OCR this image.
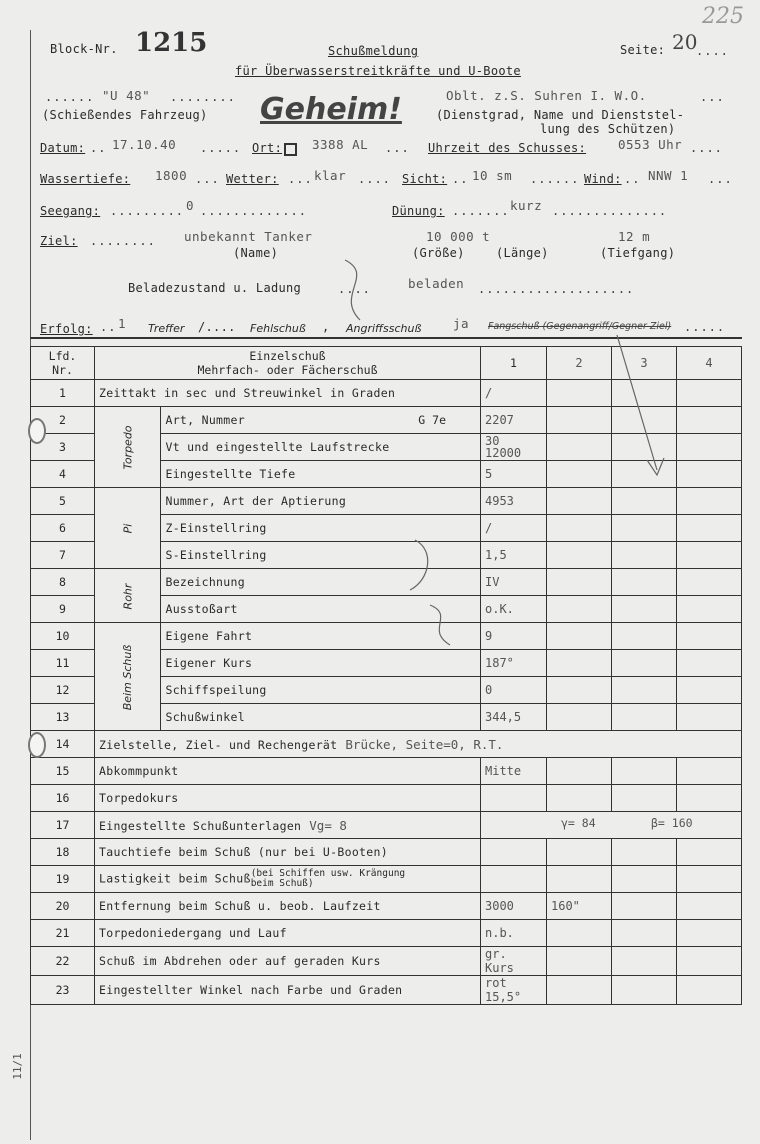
Block-Nr. 1215	Schußmeldung
für Überwasserstreitkräfte und U-Boote
Seite: 20
....
225
...... "U 48" ........
(Schießendes Fahrzeug) Geheim!	Oblt. z.S. Suhren I. W.O.	...
(Dienstgrad, Name und Dienststel-
lung des Schützen)
Datum: .. 17.10.40 ..... Ort: 3388 AL ... Uhrzeit des Schusses:	0553 Uhr ....
Wassertiefe: 1800 ... Wetter: ... klar .... Sicht: .. 10 sm ...... Wind: .. NNW 1 ...
Seegang: ......... 0 .............	Dünung: ....... kurz ..............
Ziel: ........ unbekannt Tanker	10 000 t	12 m
(Name)	(Größe)	(Länge)	(Tiefgang)
Beladezustand u. Ladung	....	beladen ...................
Erfolg: .. 1 Treffer /.... Fehlschuß , Angriffsschuß	ja Fangschuß (Gegenangriff/Gegner Ziel) .....
Lfd. Nr.	Einzelschuß
Mehrfach- oder Fächerschuß		1	2	3	4
1	Zeittakt in sec und Streuwinkel in Graden		/			
2	Torpedo	Art, Nummer G 7e	2207			
3		Vt und eingestellte Laufstrecke	30
12000			
4		Eingestellte Tiefe	5			
5	Pi	Nummer, Art der Aptierung	4953			
6		Z-Einstellring	/			
7		S-Einstellring	1,5			
8	Rohr	Bezeichnung	IV			
9		Ausstoßart	o.K.			
10	Beim Schuß	Eigene Fahrt	9			
11		Eigener Kurs	187°			
12		Schiffspeilung	0			
13		Schußwinkel	344,5			
14	Zielstelle, Ziel- und Rechengerät Brücke, Seite=0, R.T.					
15	Abkommpunkt		Mitte			
16	Torpedokurs					
17	Eingestellte Schußunterlagen Vg= 8		γ= 84 β= 160			

18	Tauchtiefe beim Schuß (nur bei U-Booten)					
19	Lastigkeit beim Schuß(bei Schiffen usw. Krängung beim Schuß)					
20	Entfernung beim Schuß u. beob. Laufzeit		3000	160"		
21	Torpedoniedergang und Lauf		n.b.			
22	Schuß im Abdrehen oder auf geraden Kurs		gr. Kurs			
23	Eingestellter Winkel nach Farbe und Graden		rot 15,5°			
11/1
